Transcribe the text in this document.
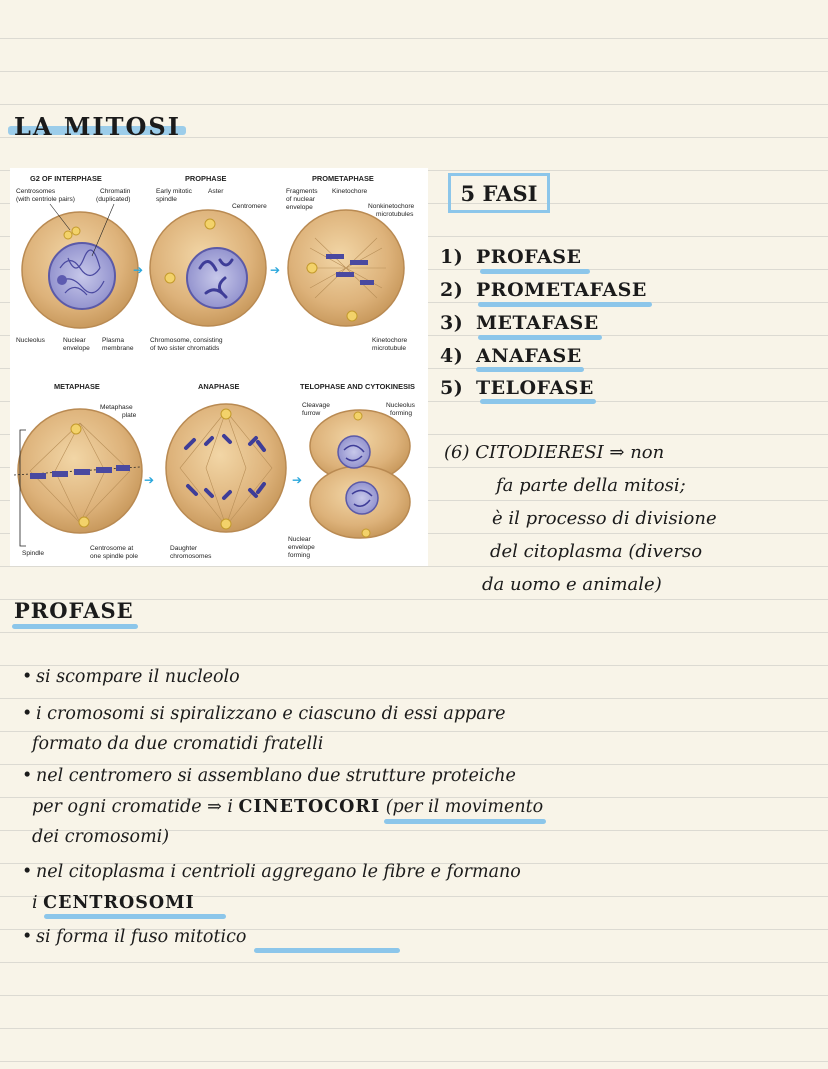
LA MITOSI
G2 OF INTERPHASE	PROPHASE	PROMETAPHASE
Centrosomes
(with centriole pairs)
Chromatin
(duplicated)
Nucleolus	Nuclear
envelope
Plasma
membrane
➔
Early mitotic
spindle
Aster
Centromere
Chromosome, consisting
of two sister chromatids
➔
Fragments
of nuclear
envelope
Kinetochore
Nonkinetochore
microtubules
Kinetochore
microtubule
METAPHASE	ANAPHASE	TELOPHASE AND CYTOKINESIS
Metaphase
plate
Spindle
Centrosome at
one spindle pole
➔
Daughter
chromosomes
➔
Cleavage
furrow
Nucleolus
forming
Nuclear
envelope
forming
5 FASI
1) PROFASE
2) PROMETAFASE
3) METAFASE
4) ANAFASE
5) TELOFASE
(6) CITODIERESI ⇒ non
fa parte della mitosi;
è il processo di divisione
del citoplasma (diverso
da uomo e animale)
PROFASE
• si scompare il nucleolo
• i cromosomi si spiralizzano e ciascuno di essi appare
formato da due cromatidi fratelli
• nel centromero si assemblano due strutture proteiche
per ogni cromatide ⇒ i CINETOCORI (per il movimento
dei cromosomi)
• nel citoplasma i centrioli aggregano le fibre e formano
i CENTROSOMI
• si forma il fuso mitotico
